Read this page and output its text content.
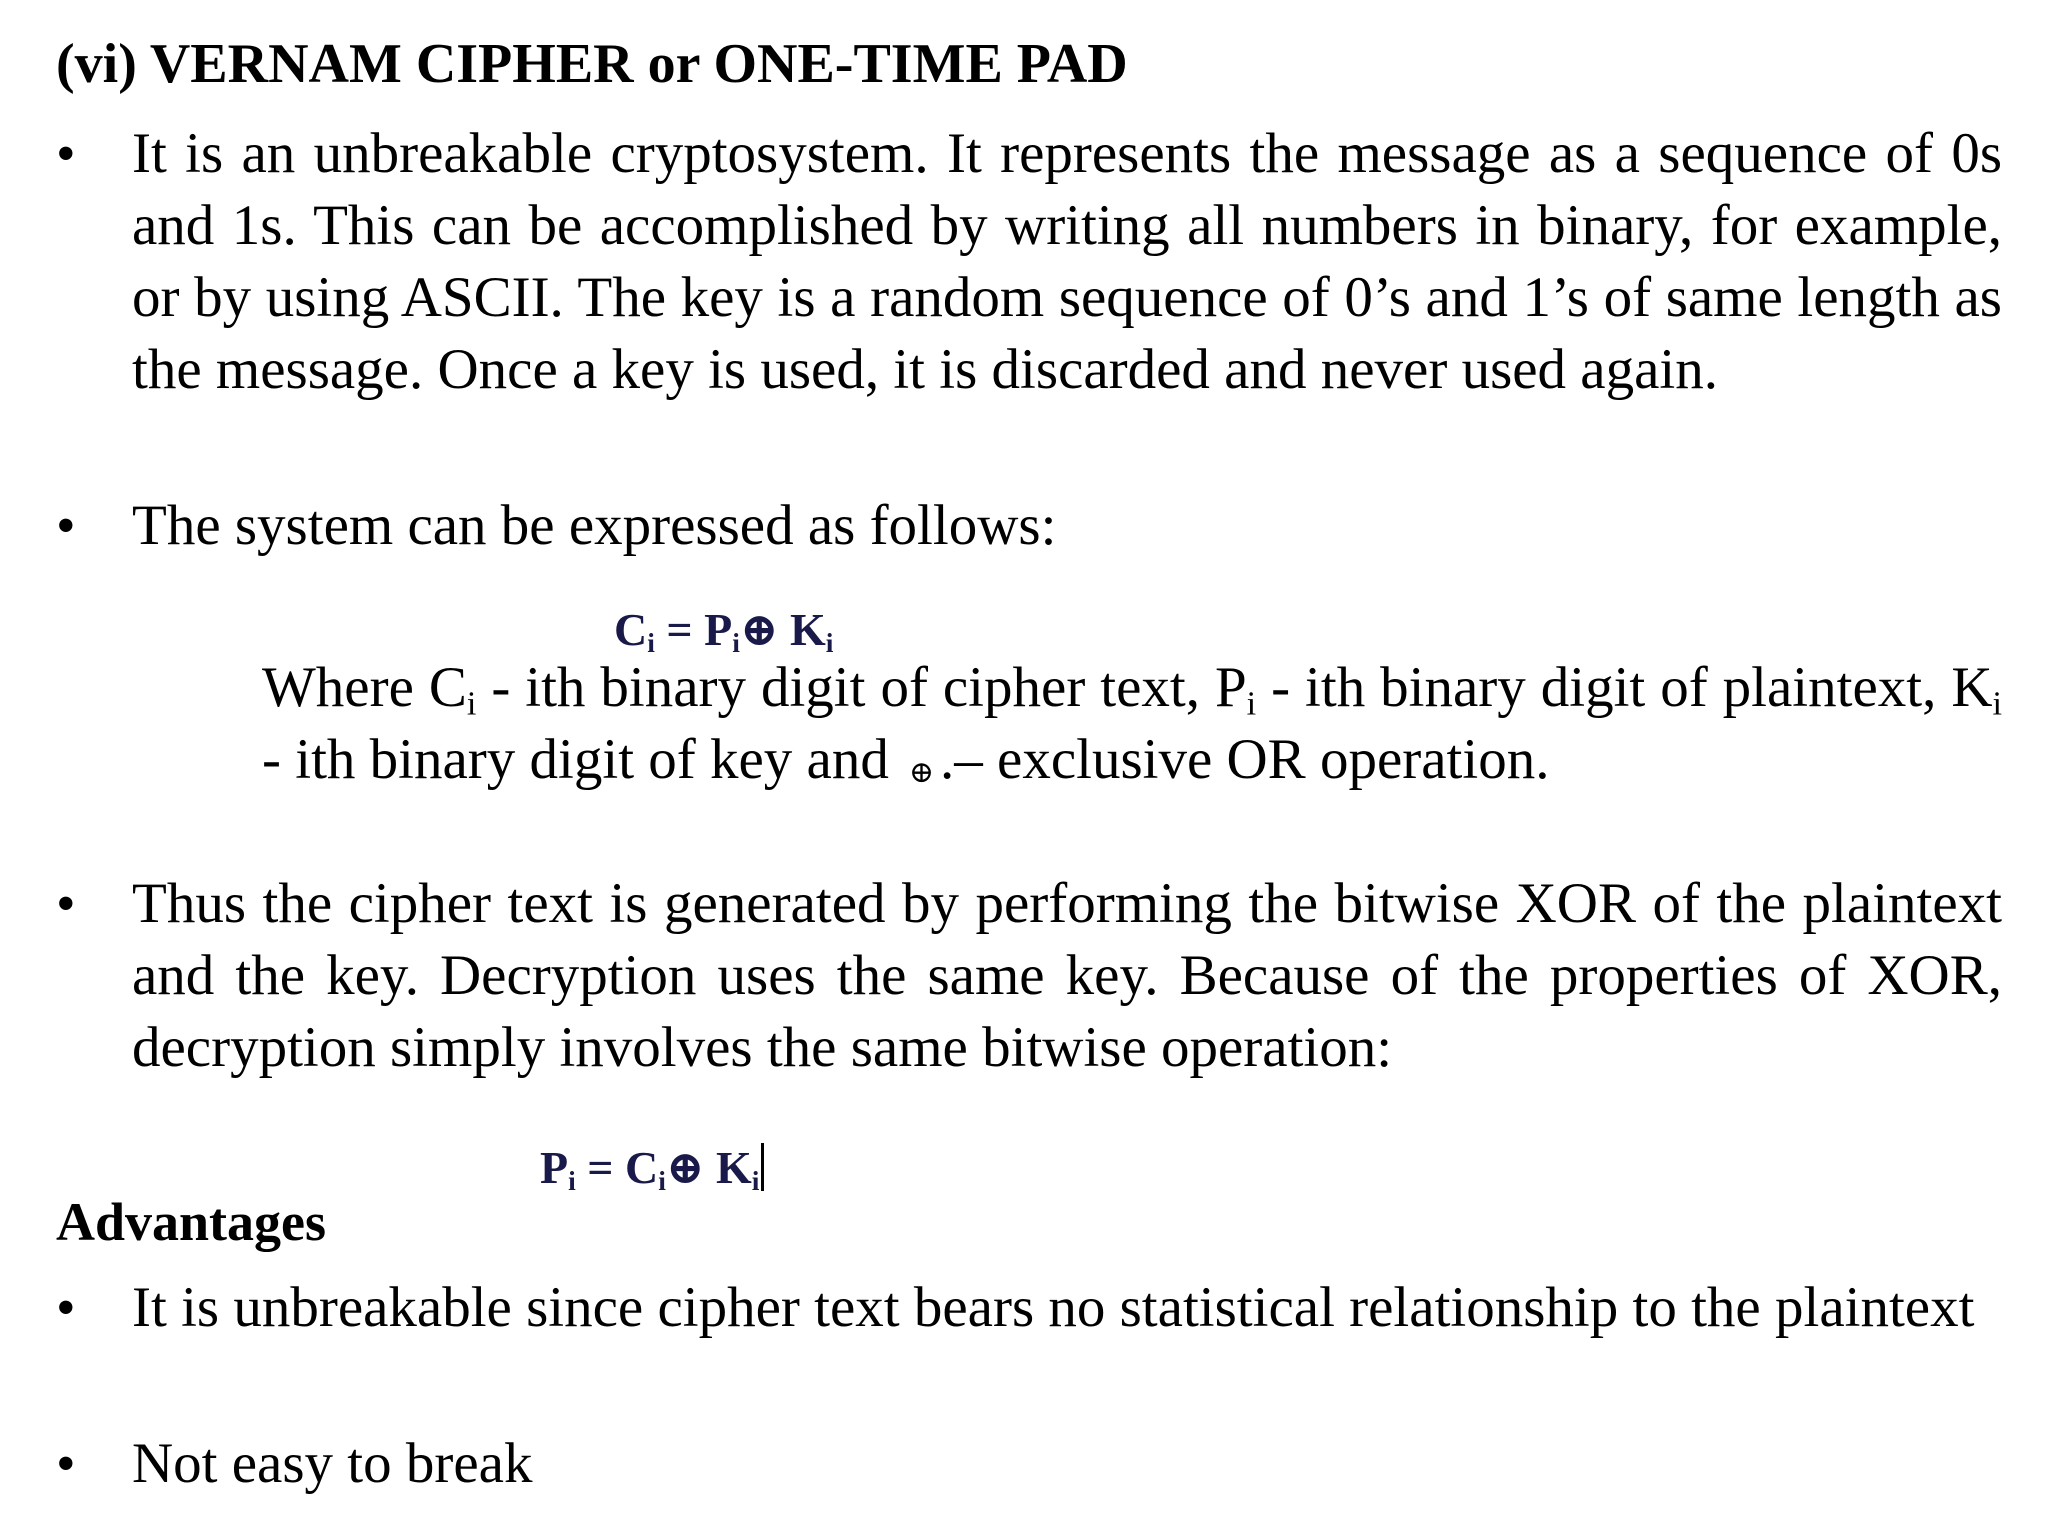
(vi) VERNAM CIPHER or ONE-TIME PAD
• It is an unbreakable cryptosystem. It represents the message as a sequence of 0s and 1s. This can be accomplished by writing all numbers in binary, for example, or by using ASCII. The key is a random sequence of 0’s and 1’s of same length as the message. Once a key is used, it is discarded and never used again.

• The system can be expressed as follows:

$C_i$ = $P_i\oplus$ $K_i$

Where $C_i$ - ith binary digit of cipher text, $P_i$ - ith binary digit of plaintext, $K_i$ - ith binary digit of key and ⊕ .– exclusive OR operation.

• Thus the cipher text is generated by performing the bitwise XOR of the plaintext and the key. Decryption uses the same key. Because of the properties of XOR, decryption simply involves the same bitwise operation:

$P_i$ = $C_i\oplus$ $K_i$
Advantages
• It is unbreakable since cipher text bears no statistical relationship to the plaintext

• Not easy to break
